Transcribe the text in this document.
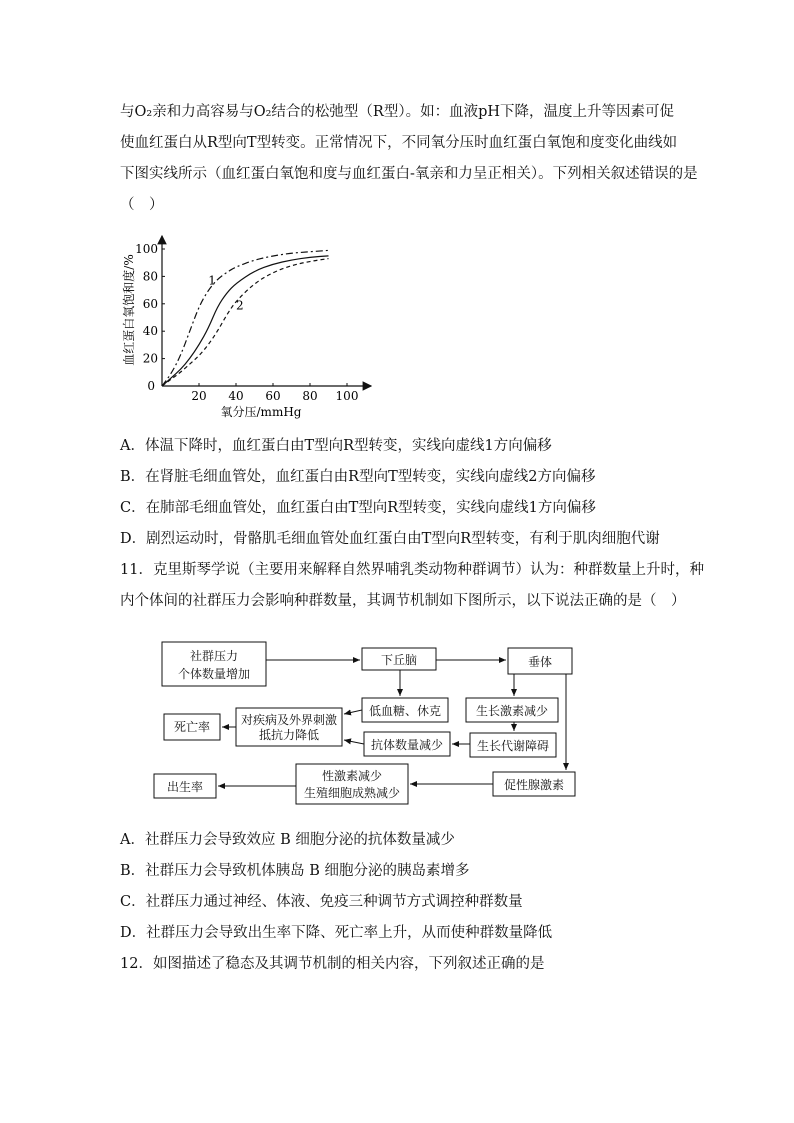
与O₂亲和力高容易与O₂结合的松弛型（R型）。如：血液pH下降，温度上升等因素可促
使血红蛋白从R型向T型转变。正常情况下，不同氧分压时血红蛋白氧饱和度变化曲线如
下图实线所示（血红蛋白氧饱和度与血红蛋白-氧亲和力呈正相关）。下列相关叙述错误的是
（　）
20 40 60 80 100
20
40
60
80
100
1
2
0
氧分压/mmHg
血红蛋白氧饱和度/%
A．体温下降时，血红蛋白由T型向R型转变，实线向虚线1方向偏移
B．在肾脏毛细血管处，血红蛋白由R型向T型转变，实线向虚线2方向偏移
C．在肺部毛细血管处，血红蛋白由T型向R型转变，实线向虚线1方向偏移
D．剧烈运动时，骨骼肌毛细血管处血红蛋白由T型向R型转变，有利于肌肉细胞代谢
11．克里斯琴学说（主要用来解释自然界哺乳类动物种群调节）认为：种群数量上升时，种
内个体间的社群压力会影响种群数量，其调节机制如下图所示，以下说法正确的是（　）
社群压力
个体数量增加
下丘脑	垂体
低血糖、休克	生长激素减少
生长代谢障碍
抗体数量减少
对疾病及外界刺激
抵抗力降低
死亡率
促性腺激素
性激素减少
生殖细胞成熟减少
出生率
A．社群压力会导致效应 B 细胞分泌的抗体数量减少
B．社群压力会导致机体胰岛 B 细胞分泌的胰岛素增多
C．社群压力通过神经、体液、免疫三种调节方式调控种群数量
D．社群压力会导致出生率下降、死亡率上升，从而使种群数量降低
12．如图描述了稳态及其调节机制的相关内容，下列叙述正确的是
